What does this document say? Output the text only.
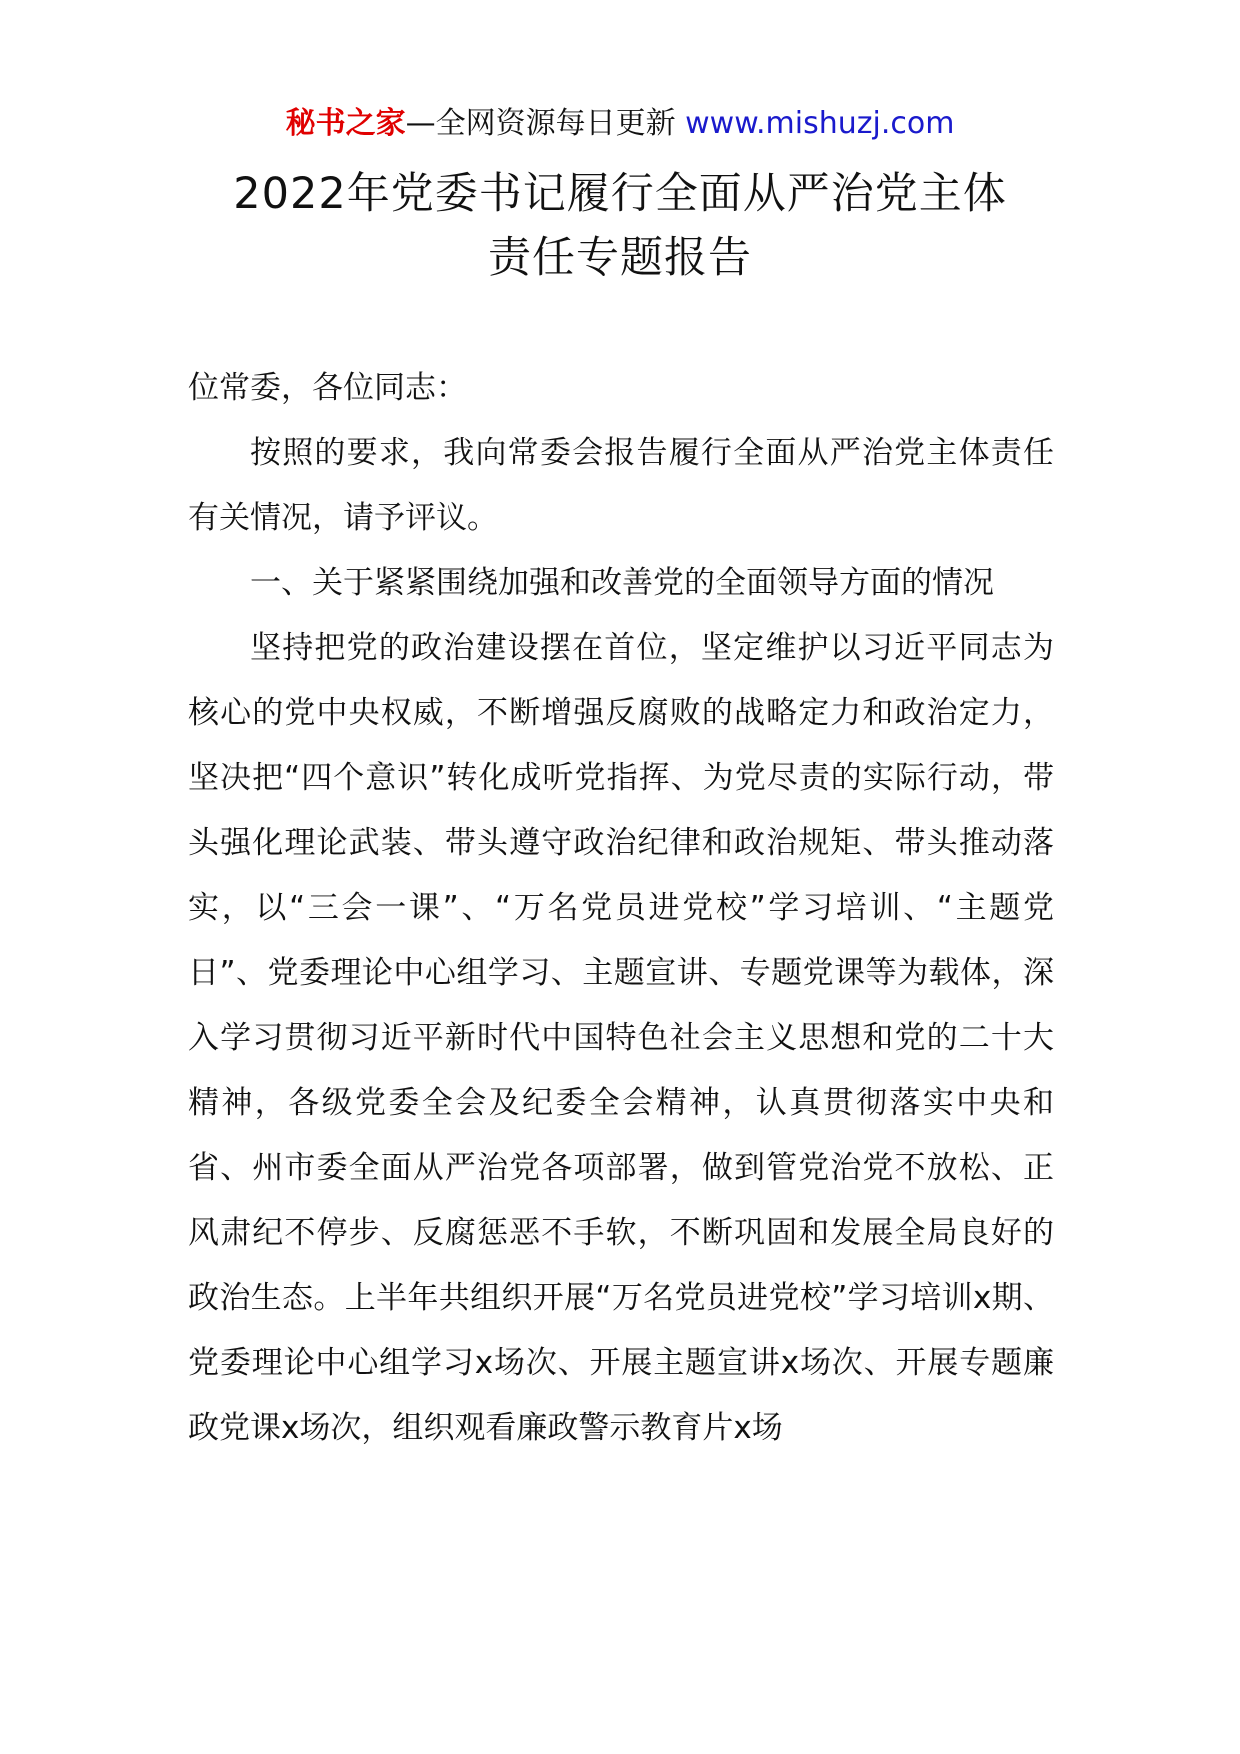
秘书之家—全网资源每日更新 www.mishuzj.com
2022年党委书记履行全面从严治党主体
责任专题报告

位常委，各位同志：

按照的要求，我向常委会报告履行全面从严治党主体责任有关情况，请予评议。

一、关于紧紧围绕加强和改善党的全面领导方面的情况

坚持把党的政治建设摆在首位，坚定维护以习近平同志为核心的党中央权威，不断增强反腐败的战略定力和政治定力，坚决把“四个意识”转化成听党指挥、为党尽责的实际行动，带头强化理论武装、带头遵守政治纪律和政治规矩、带头推动落实，以“三会一课”、“万名党员进党校”学习培训、“主题党日”、党委理论中心组学习、主题宣讲、专题党课等为载体，深入学习贯彻习近平新时代中国特色社会主义思想和党的二十大精神，各级党委全会及纪委全会精神，认真贯彻落实中央和省、州市委全面从严治党各项部署，做到管党治党不放松、正风肃纪不停步、反腐惩恶不手软，不断巩固和发展全局良好的政治生态。上半年共组织开展“万名党员进党校”学习培训x期、党委理论中心组学习x场次、开展主题宣讲x场次、开展专题廉政党课x场次，组织观看廉政警示教育片x场
